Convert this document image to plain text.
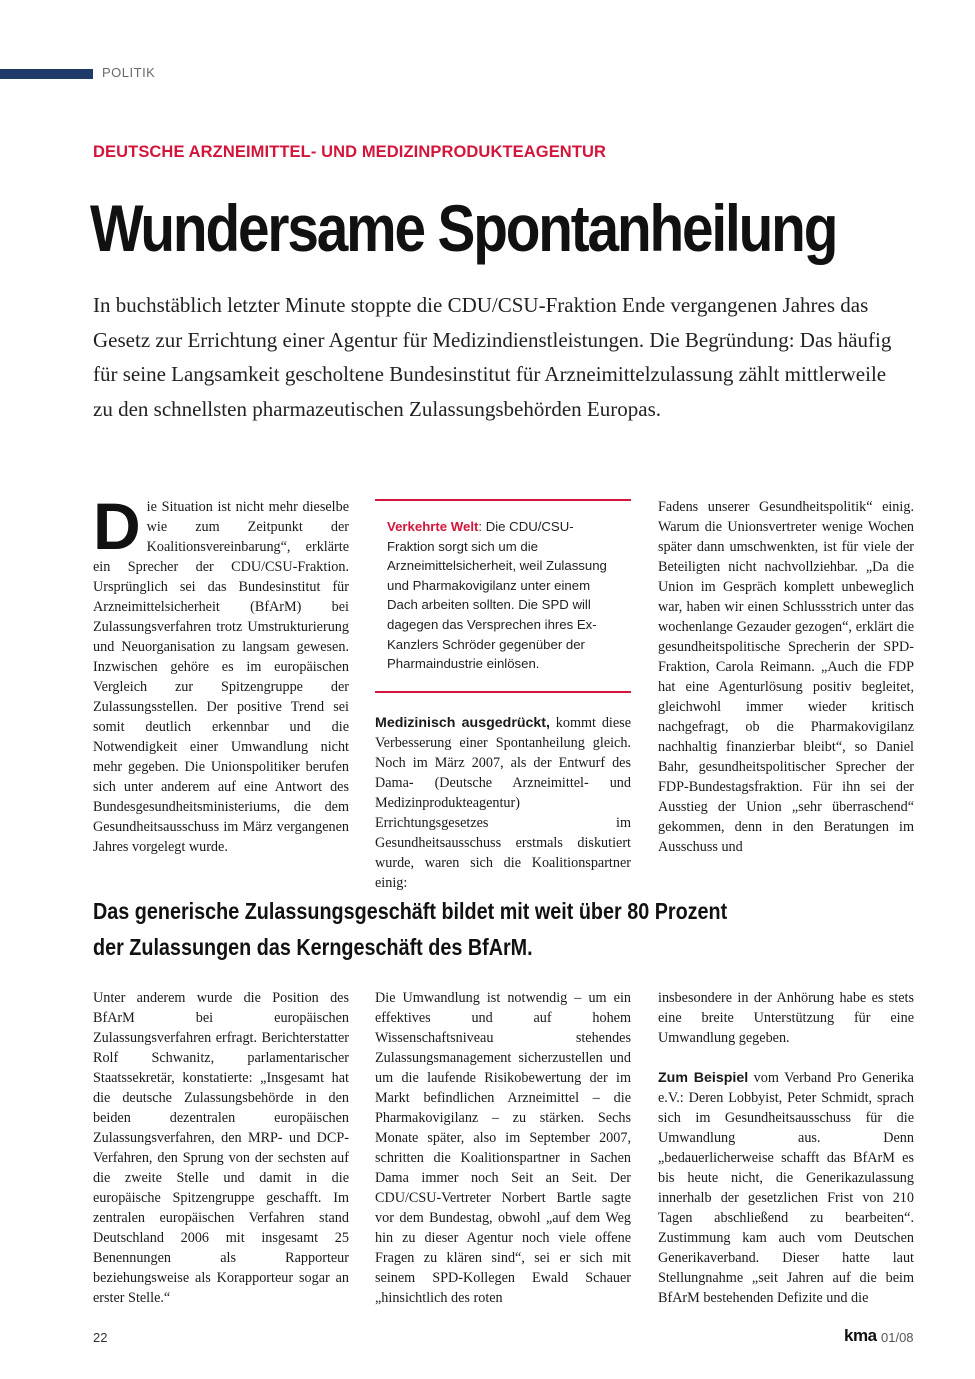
POLITIK
DEUTSCHE ARZNEIMITTEL- UND MEDIZINPRODUKTEAGENTUR
Wundersame Spontanheilung

In buchstäblich letzter Minute stoppte die CDU/CSU-Fraktion Ende vergangenen Jahres das Gesetz zur Errichtung einer Agentur für Medizindienstleistungen. Die Begründung: Das häufig für seine Langsamkeit gescholtene Bundesinstitut für Arzneimittelzulassung zählt mittlerweile zu den schnellsten pharmazeutischen Zulassungsbehörden Europas.

Die Situation ist nicht mehr dieselbe wie zum Zeitpunkt der Koalitionsvereinbarung“, erklärte ein Sprecher der CDU/CSU-Fraktion. Ursprünglich sei das Bundesinstitut für Arzneimittelsicherheit (BfArM) bei Zulassungsverfahren trotz Umstrukturierung und Neuorganisation zu langsam gewesen. Inzwischen gehöre es im europäischen Vergleich zur Spitzengruppe der Zulassungsstellen. Der positive Trend sei somit deutlich erkennbar und die Notwendigkeit einer Umwandlung nicht mehr gegeben. Die Unionspolitiker berufen sich unter anderem auf eine Antwort des Bundesgesundheitsministeriums, die dem Gesundheitsausschuss im März vergangenen Jahres vorgelegt wurde.

Verkehrte Welt: Die CDU/CSU-Fraktion sorgt sich um die Arzneimittelsicherheit, weil Zulassung und Pharmakovigilanz unter einem Dach arbeiten sollten. Die SPD will dagegen das Versprechen ihres Ex-Kanzlers Schröder gegenüber der Pharmaindustrie einlösen.

Medizinisch ausgedrückt, kommt diese Verbesserung einer Spontanheilung gleich. Noch im März 2007, als der Entwurf des Dama- (Deutsche Arzneimittel- und Medizinprodukteagentur) Errichtungsgesetzes im Gesundheitsausschuss erstmals diskutiert wurde, waren sich die Koalitionspartner einig:

Fadens unserer Gesundheitspolitik“ einig. Warum die Unionsvertreter wenige Wochen später dann umschwenkten, ist für viele der Beteiligten nicht nachvollziehbar. „Da die Union im Gespräch komplett unbeweglich war, haben wir einen Schlussstrich unter das wochenlange Gezauder gezogen“, erklärt die gesundheitspolitische Sprecherin der SPD-Fraktion, Carola Reimann. „Auch die FDP hat eine Agenturlösung positiv begleitet, gleichwohl immer wieder kritisch nachgefragt, ob die Pharmakovigilanz nachhaltig finanzierbar bleibt“, so Daniel Bahr, gesundheitspolitischer Sprecher der FDP-Bundestagsfraktion. Für ihn sei der Ausstieg der Union „sehr überraschend“ gekommen, denn in den Beratungen im Ausschuss und

Das generische Zulassungsgeschäft bildet mit weit über 80 Prozent
der Zulassungen das Kerngeschäft des BfArM.

Unter anderem wurde die Position des BfArM bei europäischen Zulassungsverfahren erfragt. Berichterstatter Rolf Schwanitz, parlamentarischer Staatssekretär, konstatierte: „Insgesamt hat die deutsche Zulassungsbehörde in den beiden dezentralen europäischen Zulassungsverfahren, den MRP- und DCP-Verfahren, den Sprung von der sechsten auf die zweite Stelle und damit in die europäische Spitzengruppe geschafft. Im zentralen europäischen Verfahren stand Deutschland 2006 mit insgesamt 25 Benennungen als Rapporteur beziehungsweise als Korapporteur sogar an erster Stelle.“

Die Umwandlung ist notwendig – um ein effektives und auf hohem Wissenschaftsniveau stehendes Zulassungsmanagement sicherzustellen und um die laufende Risikobewertung der im Markt befindlichen Arzneimittel – die Pharmakovigilanz – zu stärken. Sechs Monate später, also im September 2007, schritten die Koalitionspartner in Sachen Dama immer noch Seit an Seit. Der CDU/CSU-Vertreter Norbert Bartle sagte vor dem Bundestag, obwohl „auf dem Weg hin zu dieser Agentur noch viele offene Fragen zu klären sind“, sei er sich mit seinem SPD-Kollegen Ewald Schauer „hinsichtlich des roten

insbesondere in der Anhörung habe es stets eine breite Unterstützung für eine Umwandlung gegeben.

Zum Beispiel vom Verband Pro Generika e.V.: Deren Lobbyist, Peter Schmidt, sprach sich im Gesundheitsausschuss für die Umwandlung aus. Denn „bedauerlicherweise schafft das BfArM es bis heute nicht, die Generikazulassung innerhalb der gesetzlichen Frist von 210 Tagen abschließend zu bearbeiten“. Zustimmung kam auch vom Deutschen Generikaverband. Dieser hatte laut Stellungnahme „seit Jahren auf die beim BfArM bestehenden Defizite und die

22	kma 01/08
